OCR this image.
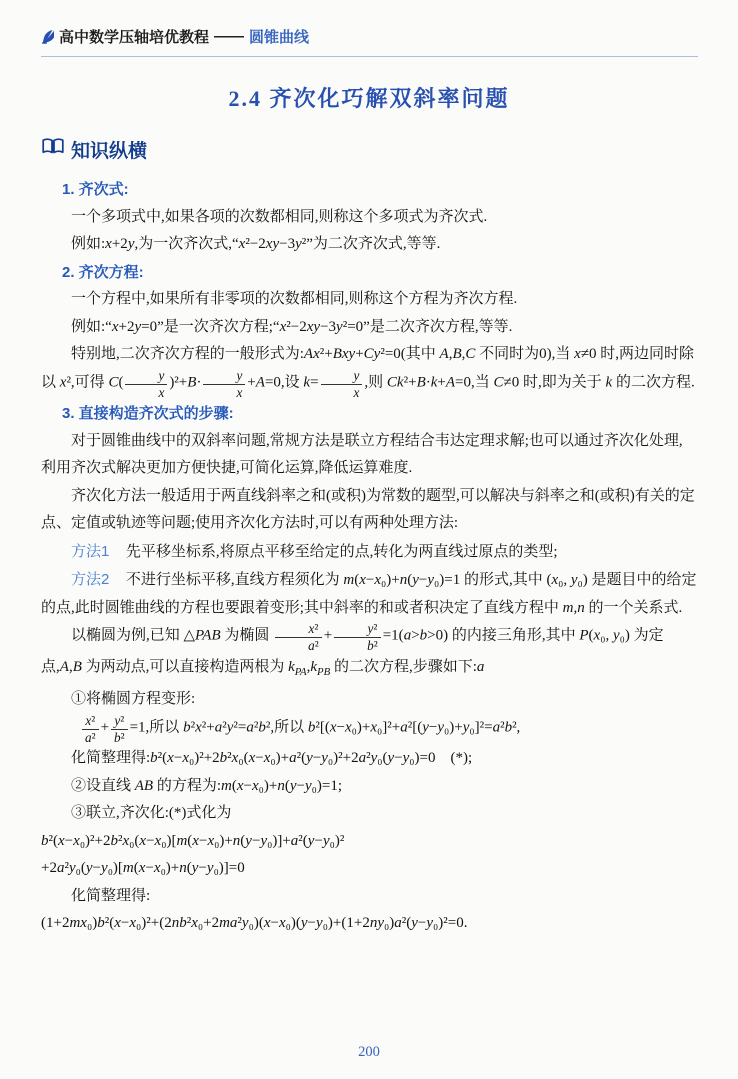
高中数学压轴培优教程 —— 圆锥曲线
2.4 齐次化巧解双斜率问题
知识纵横

1. 齐次式:

一个多项式中,如果各项的次数都相同,则称这个多项式为齐次式.

例如:x+2y,为一次齐次式,“x²−2xy−3y²”为二次齐次式,等等.

2. 齐次方程:

一个方程中,如果所有非零项的次数都相同,则称这个方程为齐次方程.

例如:“x+2y=0”是一次齐次方程;“x²−2xy−3y²=0”是二次齐次方程,等等.

特别地,二次齐次方程的一般形式为:Ax²+Bxy+Cy²=0(其中 A,B,C 不同时为0),当 x≠0 时,两边同时除以 x²,可得 $C( \frac{y}{x} )^2+B\cdot \frac{y}{x} +A=0$,设 $k= \frac{y}{x}$ ,则 Ck²+B·k+A=0,当 C≠0 时,即为关于 k 的二次方程.

3. 直接构造齐次式的步骤:

对于圆锥曲线中的双斜率问题,常规方法是联立方程结合韦达定理求解;也可以通过齐次化处理,利用齐次式解决更加方便快捷,可简化运算,降低运算难度.

齐次化方法一般适用于两直线斜率之和(或积)为常数的题型,可以解决与斜率之和(或积)有关的定点、定值或轨迹等问题;使用齐次化方法时,可以有两种处理方法:

方法1 先平移坐标系,将原点平移至给定的点,转化为两直线过原点的类型;

方法2 不进行坐标平移,直线方程须化为 m(x−x₀)+n(y−y₀)=1 的形式,其中 (x₀, y₀) 是题目中的给定的点,此时圆锥曲线的方程也要跟着变形;其中斜率的和或者积决定了直线方程中 m,n 的一个关系式.

以椭圆为例,已知 △PAB 为椭圆 $\frac{\text{x²}}{\text{a²}} + \frac{\text{y²}}{\text{b²}} =1(a>b>0)$ 的内接三角形,其中 P(x₀, y₀) 为定点,A,B 为两动点,可以直接构造两根为 $k_{PA},k_{PB}$ 的二次方程,步骤如下:a

①将椭圆方程变形:

$\frac{\text{x²}}{\text{a²}} + \frac{\text{y²}}{\text{b²}} =1$,所以 b²x²+a²y²=a²b²,所以 b²[(x−x₀)+x₀]²+a²[(y−y₀)+y₀]²=a²b²,

化简整理得:b²(x−x₀)²+2b²x₀(x−x₀)+a²(y−y₀)²+2a²y₀(y−y₀)=0 (*);

②设直线 AB 的方程为:m(x−x₀)+n(y−y₀)=1;

③联立,齐次化:(*)式化为

b²(x−x₀)²+2b²x₀(x−x₀)[m(x−x₀)+n(y−y₀)]+a²(y−y₀)²

+2a²y₀(y−y₀)[m(x−x₀)+n(y−y₀)]=0

化简整理得:

(1+2mx₀)b²(x−x₀)²+(2nb²x₀+2ma²y₀)(x−x₀)(y−y₀)+(1+2ny₀)a²(y−y₀)²=0.

200
